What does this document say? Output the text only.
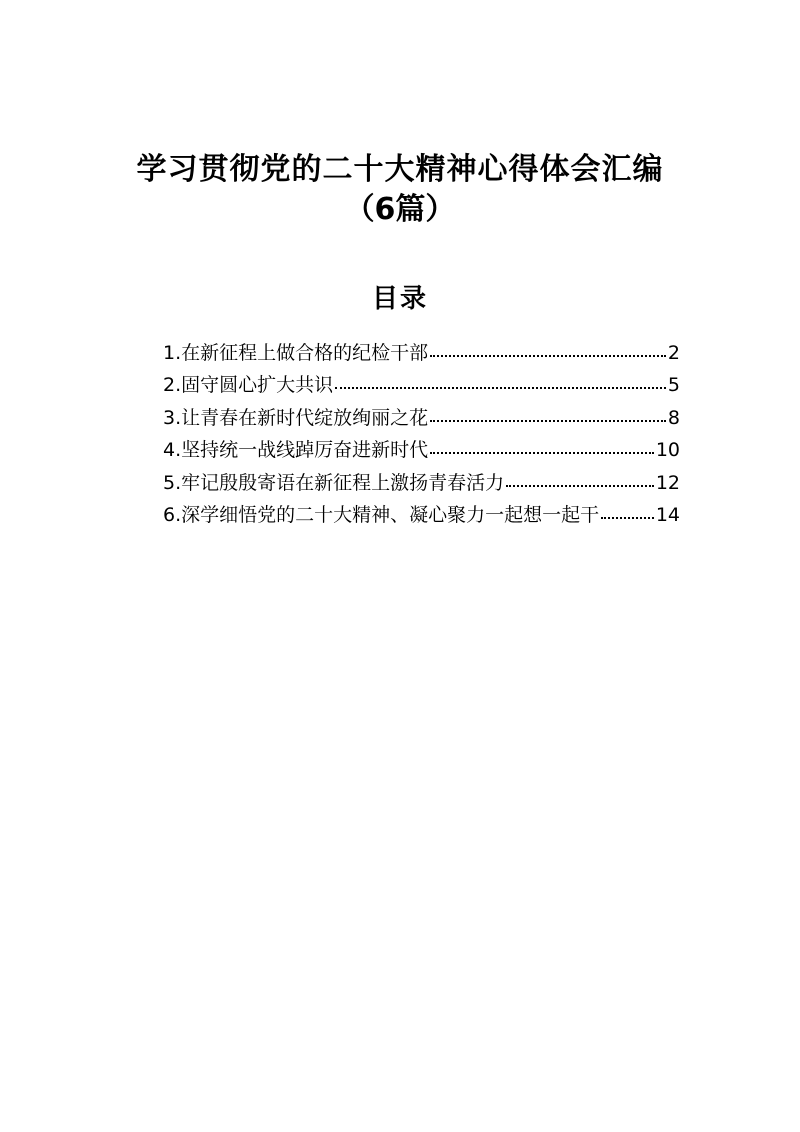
学习贯彻党的二十大精神心得体会汇编
（6篇）
目录
1.在新征程上做合格的纪检干部	2
2.固守圆心扩大共识	5
3.让青春在新时代绽放绚丽之花	8
4.坚持统一战线踔厉奋进新时代	10
5.牢记殷殷寄语在新征程上激扬青春活力	12
6.深学细悟党的二十大精神、凝心聚力一起想一起干	14
